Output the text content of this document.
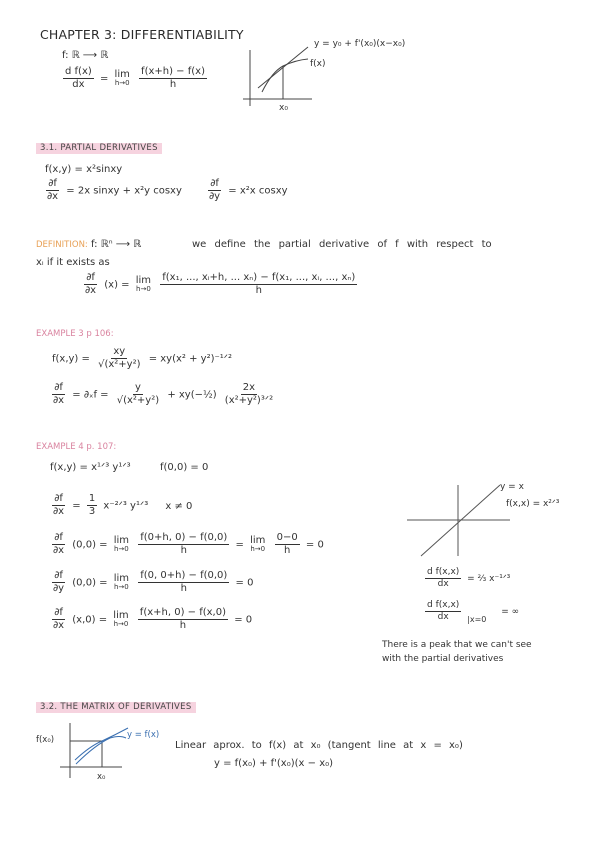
CHAPTER 3: DIFFERENTIABILITY
f: ℝ ⟶ ℝ
$\frac{\text{d f(x)}}{dx} = \lim$
h→0
$\frac{f(x+h) - f(x)}{h}$
y = y₀ + f'(x₀)(x−x₀)
f(x)
x₀
3.1. PARTIAL DERIVATIVES
f(x,y) = x²sinxy
$\frac{\partial f}{\partial x} = 2x$ sinxy + x²y cosxy	$\frac{\partial f}{\partial y} = x^2x$ cosxy
DEFINITION: f: ℝⁿ ⟶ ℝ	we define the partial derivative of f with respect to
xᵢ if it exists as
$\frac{\partial f}{\partial x} (x) = \lim$
h→0
$\frac{\text{f(x₁, ..., xᵢ+h, ... xₙ) − f(x₁, ..., xᵢ, ..., xₙ)}}{h}$
EXAMPLE 3 p 106:
$f(x,y) = \frac{xy}{\text{√(x²+y²)}} = xy(x^2$ + y²)⁻¹ᐟ²
$\frac{\partial f}{\partial x} = \partial_xf = \frac{y}{\text{√(x²+y²)}}$ + xy(−½) $\frac{2x}{\text{(x²+y²)³ᐟ²}}$
EXAMPLE 4 p. 107:
f(x,y) = x¹ᐟ³ y¹ᐟ³	f(0,0) = 0
$\frac{\partial f}{\partial x} = \frac{1}{3}$ x⁻²ᐟ³ y¹ᐟ³ x ≠ 0
$\frac{\partial f}{\partial x} (0,0) = \lim$
h→0
$\frac{f(0+h, 0) - f(0,0)}{h} = \lim$
h→0
$\frac{0-0}{h} = 0$
$\frac{\partial f}{\partial y} (0,0) = \lim$
h→0
$\frac{f(0, 0+h) - f(0,0)}{h} = 0$
$\frac{\partial f}{\partial x} (x,0) = \lim$
h→0
$\frac{f(x+h, 0) - f(x,0)}{h} = 0$
y = x
f(x,x) = x²ᐟ³
$\frac{\text{d f(x,x)}}{dx}$ = ⅔ x⁻¹ᐟ³
$\frac{\text{d f(x,x)}}{dx} |x=0$ = ∞
There is a peak that we can't see
with the partial derivatives
3.2. THE MATRIX OF DERIVATIVES
f(x₀)	y = f(x)
x₀
Linear aprox. to f(x) at x₀ (tangent line at x = x₀)
y = f(x₀) + f'(x₀)(x − x₀)
